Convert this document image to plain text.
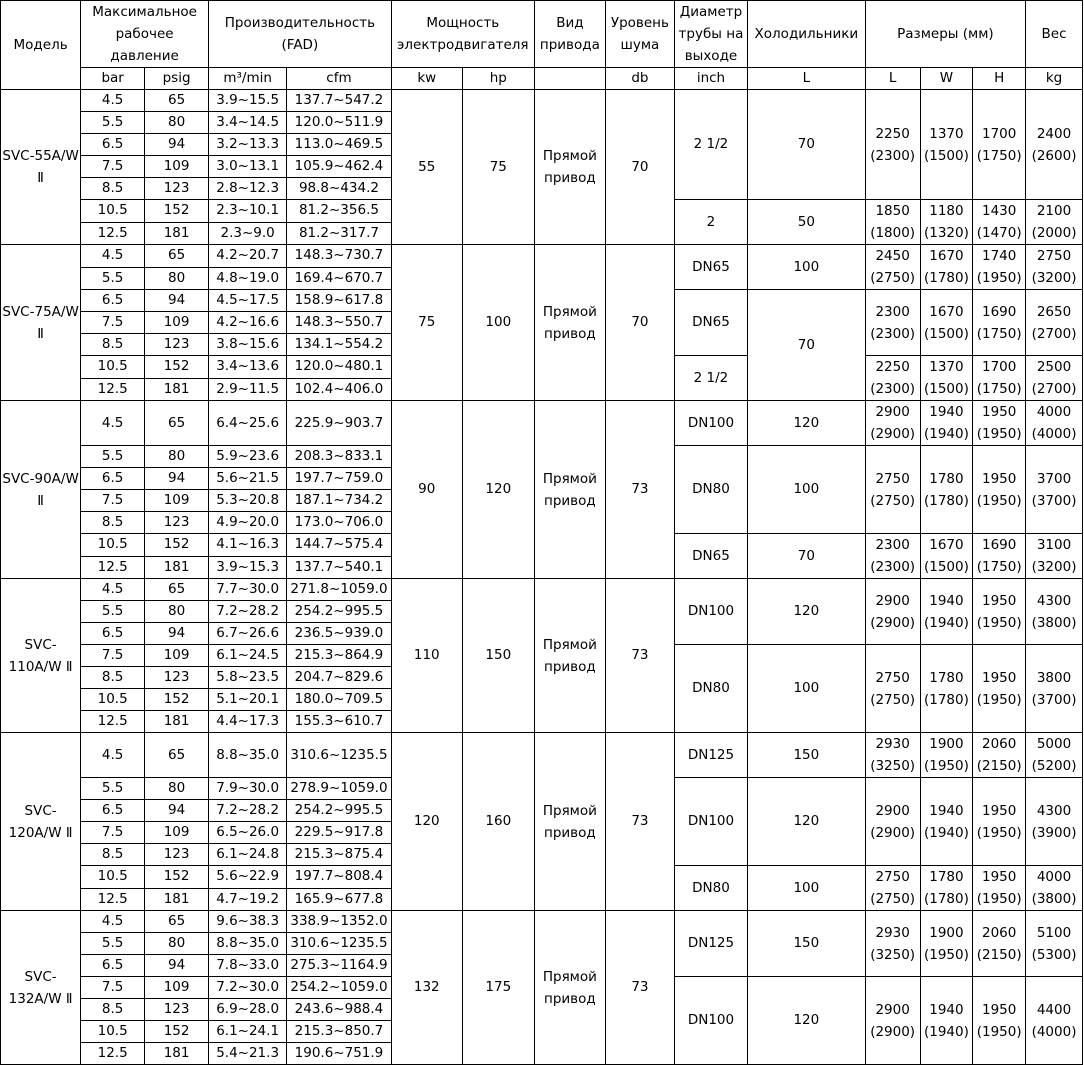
Модель	Максимальное рабочее давление		Производительность (FAD)		Мощность электродвигателя		Вид привода	Уровень шума	Диаметр трубы на выходе	Холодильники	Размеры (мм)			Вес
	bar	psig	m³/min	cfm	kw	hp		db	inch	L	L	W	H	kg
SVC-55A/W Ⅱ	4.5	65	3.9~15.5	137.7~547.2	55	75	Прямой привод	70	2 1/2	70	2250 (2300)	1370 (1500)	1700 (1750)	2400 (2600)
	5.5	80	3.4~14.5	120.0~511.9										
	6.5	94	3.2~13.3	113.0~469.5										
	7.5	109	3.0~13.1	105.9~462.4										
	8.5	123	2.8~12.3	98.8~434.2										
	10.5	152	2.3~10.1	81.2~356.5					2	50	1850 (1800)	1180 (1320)	1430 (1470)	2100 (2000)
	12.5	181	2.3~9.0	81.2~317.7										
SVC-75A/W Ⅱ	4.5	65	4.2~20.7	148.3~730.7	75	100	Прямой привод	70	DN65	100	2450 (2750)	1670 (1780)	1740 (1950)	2750 (3200)
	5.5	80	4.8~19.0	169.4~670.7										
	6.5	94	4.5~17.5	158.9~617.8					DN65	70	2300 (2300)	1670 (1500)	1690 (1750)	2650 (2700)
	7.5	109	4.2~16.6	148.3~550.7										
	8.5	123	3.8~15.6	134.1~554.2										
	10.5	152	3.4~13.6	120.0~480.1					2 1/2		2250 (2300)	1370 (1500)	1700 (1750)	2500 (2700)
	12.5	181	2.9~11.5	102.4~406.0										
SVC-90A/W Ⅱ	4.5	65	6.4~25.6	225.9~903.7	90	120	Прямой привод	73	DN100	120	2900 (2900)	1940 (1940)	1950 (1950)	4000 (4000)
	5.5	80	5.9~23.6	208.3~833.1					DN80	100	2750 (2750)	1780 (1780)	1950 (1950)	3700 (3700)
	6.5	94	5.6~21.5	197.7~759.0										
	7.5	109	5.3~20.8	187.1~734.2										
	8.5	123	4.9~20.0	173.0~706.0										
	10.5	152	4.1~16.3	144.7~575.4					DN65	70	2300 (2300)	1670 (1500)	1690 (1750)	3100 (3200)
	12.5	181	3.9~15.3	137.7~540.1										
SVC-110A/W Ⅱ	4.5	65	7.7~30.0	271.8~1059.0	110	150	Прямой привод	73	DN100	120	2900 (2900)	1940 (1940)	1950 (1950)	4300 (3800)
	5.5	80	7.2~28.2	254.2~995.5										
	6.5	94	6.7~26.6	236.5~939.0										
	7.5	109	6.1~24.5	215.3~864.9					DN80	100	2750 (2750)	1780 (1780)	1950 (1950)	3800 (3700)
	8.5	123	5.8~23.5	204.7~829.6										
	10.5	152	5.1~20.1	180.0~709.5										
	12.5	181	4.4~17.3	155.3~610.7										
SVC-120A/W Ⅱ	4.5	65	8.8~35.0	310.6~1235.5	120	160	Прямой привод	73	DN125	150	2930 (3250)	1900 (1950)	2060 (2150)	5000 (5200)
	5.5	80	7.9~30.0	278.9~1059.0					DN100	120	2900 (2900)	1940 (1940)	1950 (1950)	4300 (3900)
	6.5	94	7.2~28.2	254.2~995.5										
	7.5	109	6.5~26.0	229.5~917.8										
	8.5	123	6.1~24.8	215.3~875.4										
	10.5	152	5.6~22.9	197.7~808.4					DN80	100	2750 (2750)	1780 (1780)	1950 (1950)	4000 (3800)
	12.5	181	4.7~19.2	165.9~677.8										
SVC-132A/W Ⅱ	4.5	65	9.6~38.3	338.9~1352.0	132	175	Прямой привод	73	DN125	150	2930 (3250)	1900 (1950)	2060 (2150)	5100 (5300)
	5.5	80	8.8~35.0	310.6~1235.5										
	6.5	94	7.8~33.0	275.3~1164.9										
	7.5	109	7.2~30.0	254.2~1059.0					DN100	120	2900 (2900)	1940 (1940)	1950 (1950)	4400 (4000)
	8.5	123	6.9~28.0	243.6~988.4										
	10.5	152	6.1~24.1	215.3~850.7										
	12.5	181	5.4~21.3	190.6~751.9										
